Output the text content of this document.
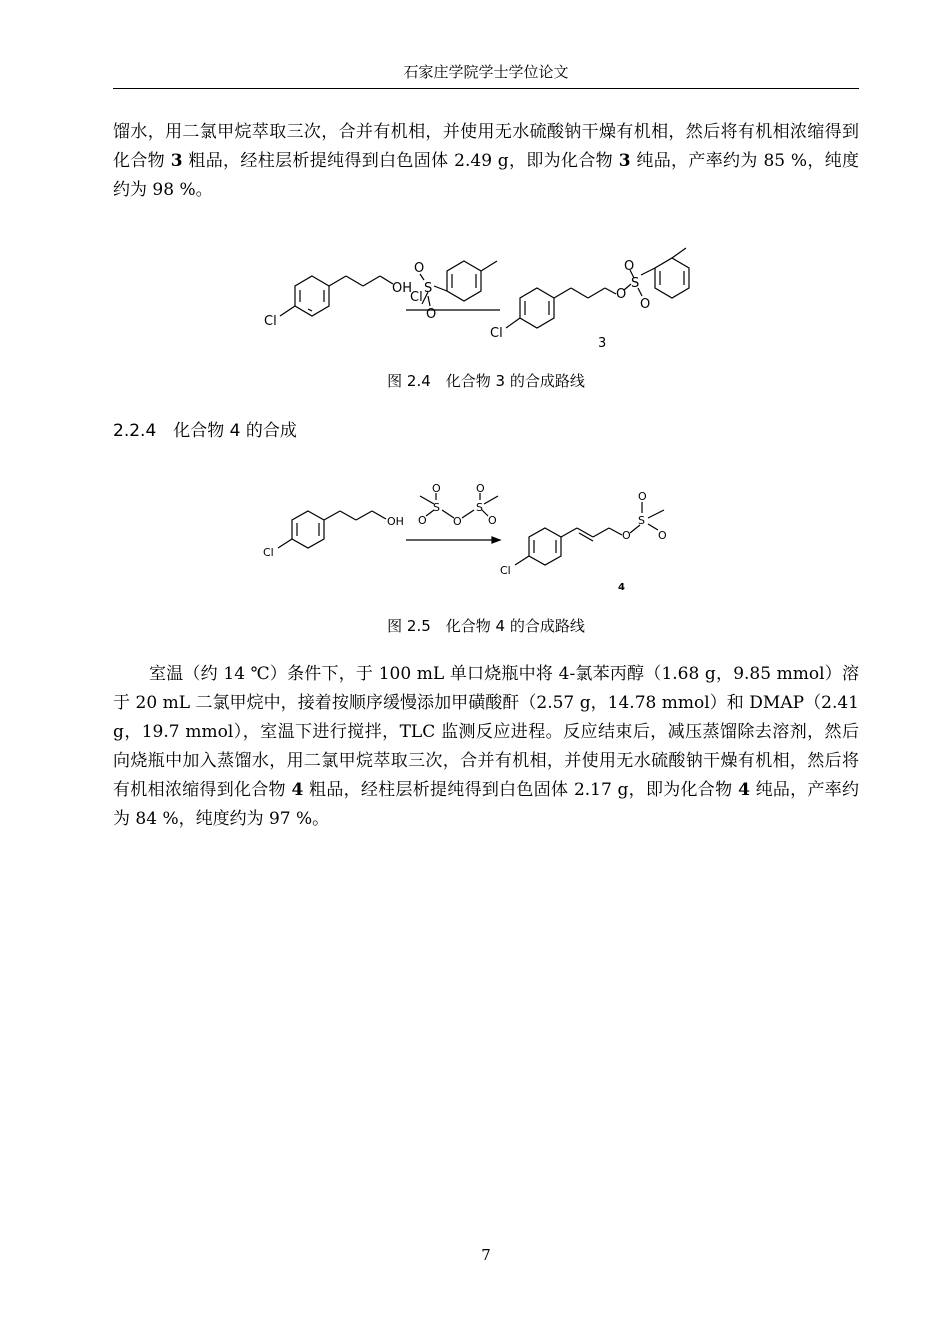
石家庄学院学士学位论文
馏水，用二氯甲烷萃取三次，合并有机相，并使用无水硫酸钠干燥有机相，然后将有机相浓缩得到化合物 3 粗品，经柱层析提纯得到白色固体 2.49 g，即为化合物 3 纯品，产率约为 85 %，纯度约为 98 %。
Cl
OH
Cl
S
O
O
Cl
O
S
O
O
3
图 2.4　化合物 3 的合成路线
2.2.4　化合物 4 的合成
Cl
OH
S
O
O O
S
O
O
Cl
O
S
O
O
4
图 2.5　化合物 4 的合成路线
室温（约 14 ℃）条件下，于 100 mL 单口烧瓶中将 4-氯苯丙醇（1.68 g，9.85 mmol）溶于 20 mL 二氯甲烷中，接着按顺序缓慢添加甲磺酸酐（2.57 g，14.78 mmol）和 DMAP（2.41 g，19.7 mmol），室温下进行搅拌，TLC 监测反应进程。反应结束后，减压蒸馏除去溶剂，然后向烧瓶中加入蒸馏水，用二氯甲烷萃取三次，合并有机相，并使用无水硫酸钠干燥有机相，然后将有机相浓缩得到化合物 4 粗品，经柱层析提纯得到白色固体 2.17 g，即为化合物 4 纯品，产率约为 84 %，纯度约为 97 %。
7
